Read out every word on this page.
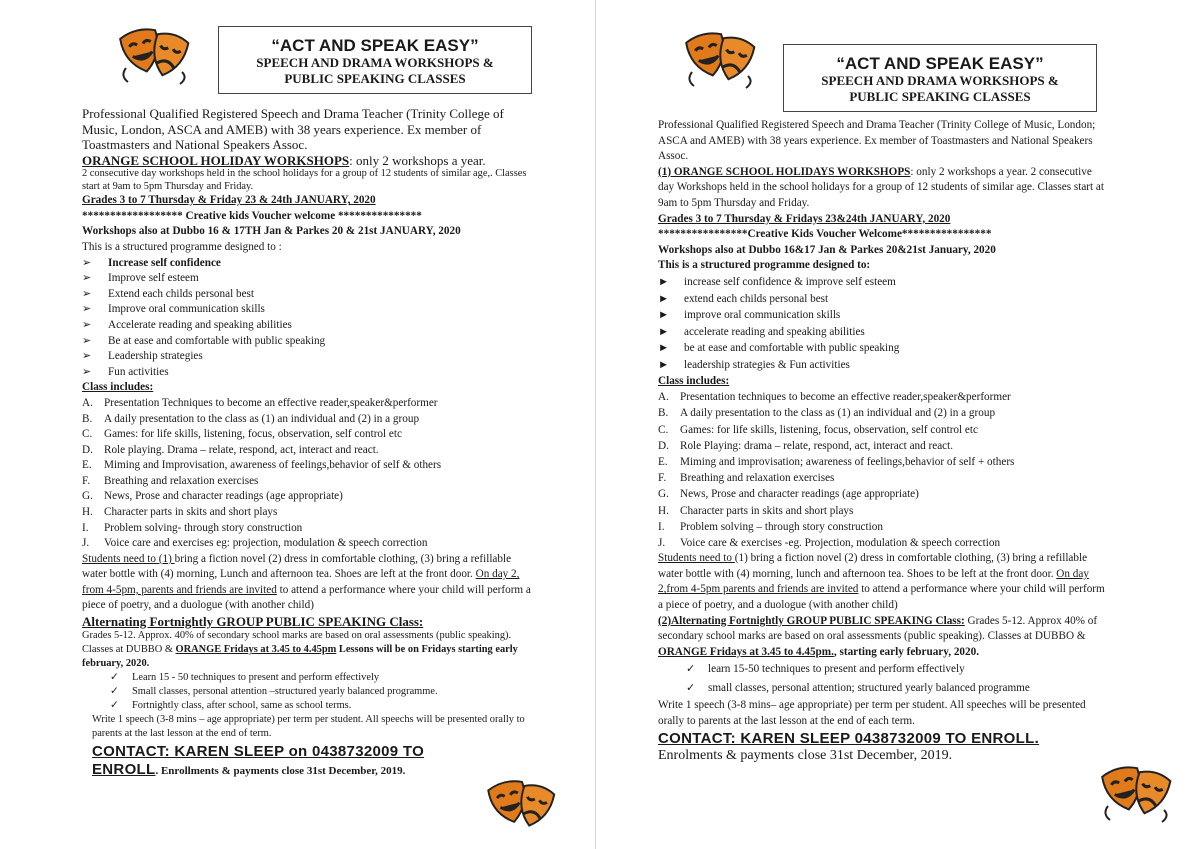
“ACT AND SPEAK EASY”
SPEECH AND DRAMA WORKSHOPS &
PUBLIC SPEAKING CLASSES

Professional Qualified Registered Speech and Drama Teacher (Trinity College of Music, London, ASCA and AMEB) with 38 years experience. Ex member of Toastmasters and National Speakers Assoc.

ORANGE SCHOOL HOLIDAY WORKSHOPS: only 2 workshops a year.

2 consecutive day workshops held in the school holidays for a group of 12 students of similar age,. Classes start at 9am to 5pm Thursday and Friday.

Grades 3 to 7 Thursday & Friday 23 & 24th JANUARY, 2020

****************** Creative kids Voucher welcome ***************

Workshops also at Dubbo 16 & 17TH Jan & Parkes 20 & 21st JANUARY, 2020

This is a structured programme designed to :

➢	Increase self confidence
➢	Improve self esteem
➢	Extend each childs personal best
➢	Improve oral communication skills
➢	Accelerate reading and speaking abilities
➢	Be at ease and comfortable with public speaking
➢	Leadership strategies
➢	Fun activities

Class includes:

A. Presentation Techniques to become an effective reader,speaker&performer
B.	A daily presentation to the class as (1) an individual and (2) in a group
C.	Games: for life skills, listening, focus, observation, self control etc
D. Role playing. Drama – relate, respond, act, interact and react.
E.	Miming and Improvisation, awareness of feelings,behavior of self & others
F.	Breathing and relaxation exercises
G. News, Prose and character readings (age appropriate)
H. Character parts in skits and short plays
I.	Problem solving- through story construction
J.	Voice care and exercises eg: projection, modulation & speech correction

Students need to (1) bring a fiction novel (2) dress in comfortable clothing, (3) bring a refillable water bottle with (4) morning, Lunch and afternoon tea. Shoes are left at the front door. On day 2, from 4-5pm, parents and friends are invited to attend a performance where your child will perform a piece of poetry, and a duologue (with another child)

Alternating Fortnightly GROUP PUBLIC SPEAKING Class:

Grades 5-12. Approx. 40% of secondary school marks are based on oral assessments (public speaking). Classes at DUBBO & ORANGE Fridays at 3.45 to 4.45pm Lessons will be on Fridays starting early february, 2020.

✓ Learn 15 - 50 techniques to present and perform effectively
✓ Small classes, personal attention –structured yearly balanced programme.
✓ Fortnightly class, after school, same as school terms.

Write 1 speech (3-8 mins – age appropriate) per term per student. All speechs will be presented orally to parents at the last lesson at the end of term.

CONTACT: KAREN SLEEP on 0438732009 TO

ENROLL. Enrollments & payments close 31st December, 2019.

“ACT AND SPEAK EASY”
SPEECH AND DRAMA WORKSHOPS &
PUBLIC SPEAKING CLASSES

Professional Qualified Registered Speech and Drama Teacher (Trinity College of Music, London; ASCA and AMEB) with 38 years experience. Ex member of Toastmasters and National Speakers Assoc.

(1) ORANGE SCHOOL HOLIDAYS WORKSHOPS: only 2 workshops a year. 2 consecutive day Workshops held in the school holidays for a group of 12 students of similar age. Classes start at 9am to 5pm Thursday and Friday.

Grades 3 to 7 Thursday & Fridays 23&24th JANUARY, 2020

****************Creative Kids Voucher Welcome****************

Workshops also at Dubbo 16&17 Jan & Parkes 20&21st January, 2020

This is a structured programme designed to:

►	increase self confidence & improve self esteem
►	extend each childs personal best
►	improve oral communication skills
►	accelerate reading and speaking abilities
►	be at ease and comfortable with public speaking
►	leadership strategies & Fun activities

Class includes:

A. Presentation techniques to become an effective reader,speaker&performer
B.	A daily presentation to the class as (1) an individual and (2) in a group
C.	Games: for life skills, listening, focus, observation, self control etc
D. Role Playing: drama – relate, respond, act, interact and react.
E.	Miming and improvisation; awareness of feelings,behavior of self + others
F.	Breathing and relaxation exercises
G. News, Prose and character readings (age appropriate)
H. Character parts in skits and short plays
I.	Problem solving – through story construction
J.	Voice care & exercises -eg. Projection, modulation & speech correction

Students need to (1) bring a fiction novel (2) dress in comfortable clothing, (3) bring a refillable water bottle with (4) morning, lunch and afternoon tea. Shoes to be left at the front door. On day 2,from 4-5pm parents and friends are invited to attend a performance where your child will perform a piece of poetry, and a duologue (with another child)

(2)Alternating Fortnightly GROUP PUBLIC SPEAKING Class: Grades 5-12. Approx 40% of secondary school marks are based on oral assessments (public speaking). Classes at DUBBO & ORANGE Fridays at 3.45 to 4.45pm., starting early february, 2020.

✓ learn 15-50 techniques to present and perform effectively
✓ small classes, personal attention; structured yearly balanced programme

Write 1 speech (3-8 mins– age appropriate) per term per student. All speeches will be presented orally to parents at the last lesson at the end of each term.

CONTACT: KAREN SLEEP 0438732009 TO ENROLL.

Enrolments & payments close 31st December, 2019.
